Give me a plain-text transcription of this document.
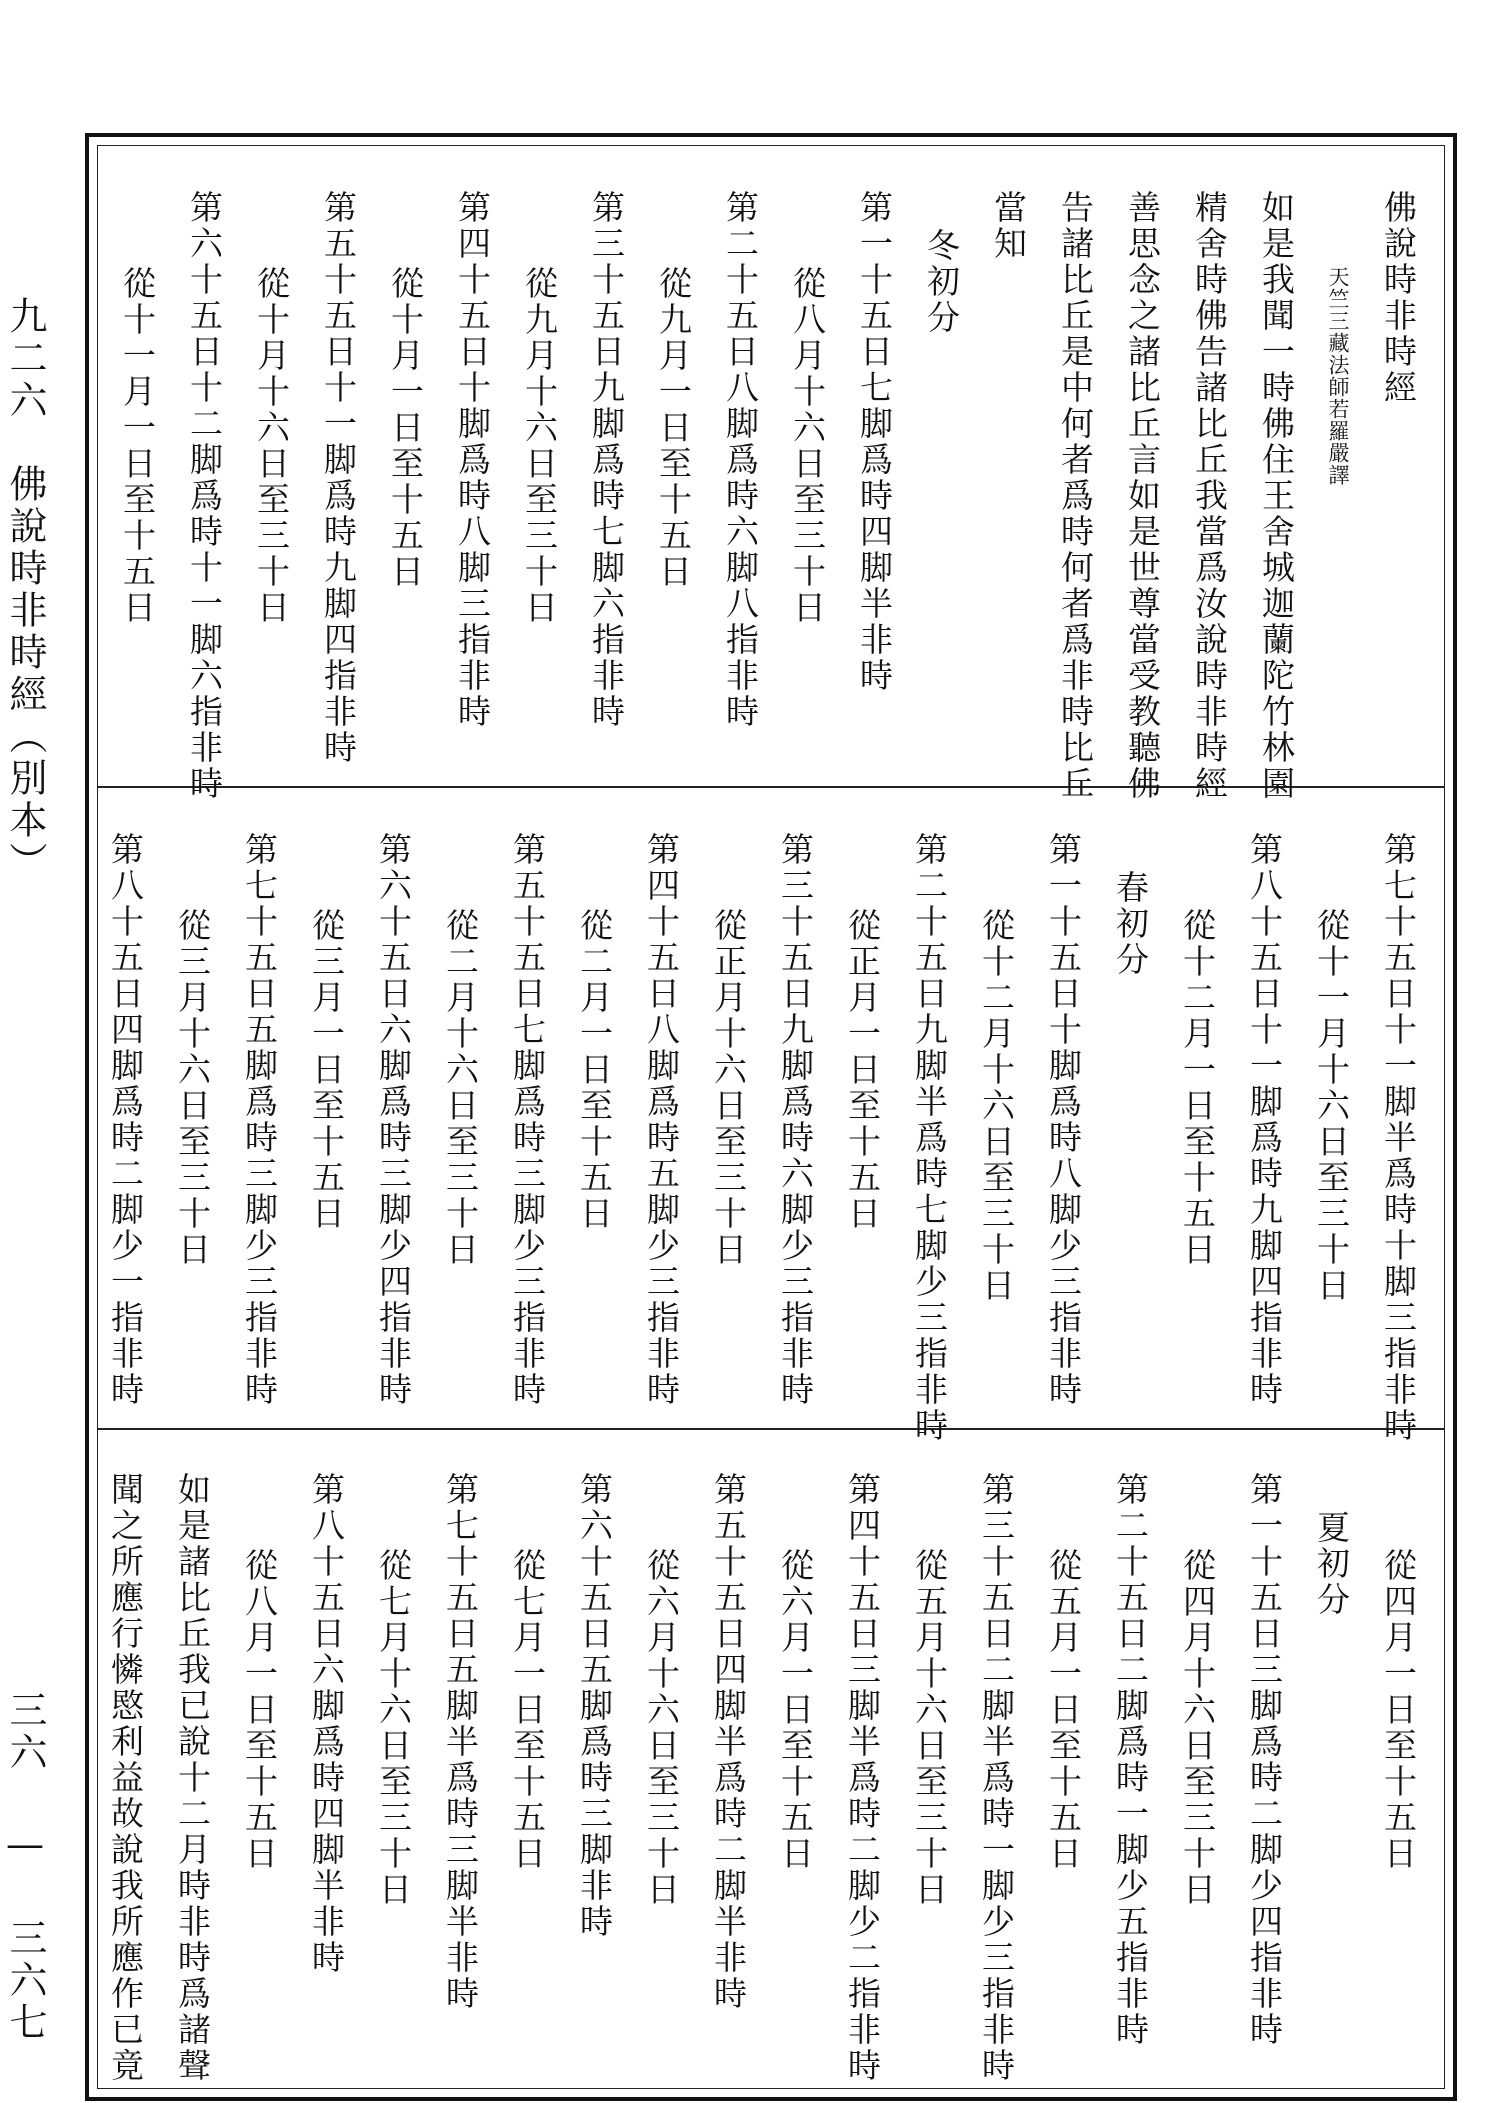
九二六　佛說時非時經（別本）
三六 — 三六七
佛說時非時經
天竺三藏法師若羅嚴譯
如是我聞一時佛住王舍城迦蘭陀竹林園
精舍時佛告諸比丘我當爲汝說時非時經
善思念之諸比丘言如是世尊當受教聽佛
告諸比丘是中何者爲時何者爲非時比丘
當知
冬初分
第一十五日七脚爲時四脚半非時
從八月十六日至三十日
第二十五日八脚爲時六脚八指非時
從九月一日至十五日
第三十五日九脚爲時七脚六指非時
從九月十六日至三十日
第四十五日十脚爲時八脚三指非時
從十月一日至十五日
第五十五日十一脚爲時九脚四指非時
從十月十六日至三十日
第六十五日十二脚爲時十一脚六指非時
從十一月一日至十五日
第七十五日十一脚半爲時十脚三指非時
從十一月十六日至三十日
第八十五日十一脚爲時九脚四指非時
從十二月一日至十五日
春初分
第一十五日十脚爲時八脚少三指非時
從十二月十六日至三十日
第二十五日九脚半爲時七脚少三指非時
從正月一日至十五日
第三十五日九脚爲時六脚少三指非時
從正月十六日至三十日
第四十五日八脚爲時五脚少三指非時
從二月一日至十五日
第五十五日七脚爲時三脚少三指非時
從二月十六日至三十日
第六十五日六脚爲時三脚少四指非時
從三月一日至十五日
第七十五日五脚爲時三脚少三指非時
從三月十六日至三十日
第八十五日四脚爲時二脚少一指非時
從四月一日至十五日
夏初分
第一十五日三脚爲時二脚少四指非時
從四月十六日至三十日
第二十五日二脚爲時一脚少五指非時
從五月一日至十五日
第三十五日二脚半爲時一脚少三指非時
從五月十六日至三十日
第四十五日三脚半爲時二脚少二指非時
從六月一日至十五日
第五十五日四脚半爲時二脚半非時
從六月十六日至三十日
第六十五日五脚爲時三脚非時
從七月一日至十五日
第七十五日五脚半爲時三脚半非時
從七月十六日至三十日
第八十五日六脚爲時四脚半非時
從八月一日至十五日
如是諸比丘我已說十二月時非時爲諸聲
聞之所應行憐愍利益故說我所應作已竟
